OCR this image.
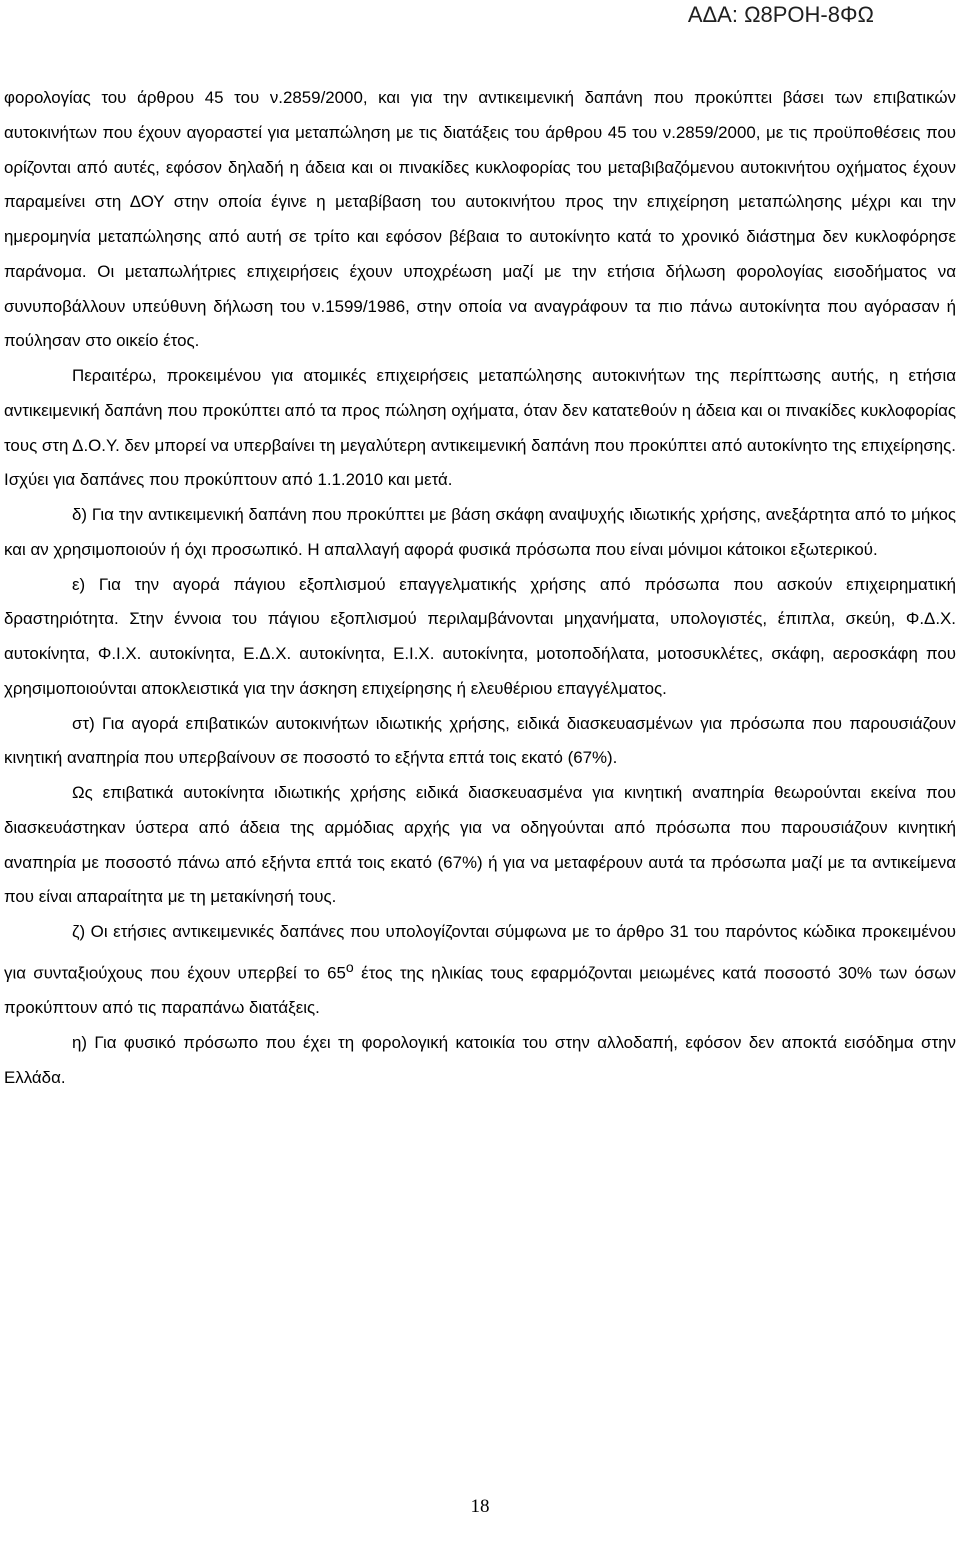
ΑΔΑ: Ω8ΡΟΗ-8ΦΩ

φορολογίας του άρθρου 45 του ν.2859/2000, και για την αντικειμενική δαπάνη που προκύπτει βάσει των επιβατικών αυτοκινήτων που έχουν αγοραστεί για μεταπώληση με τις διατάξεις του άρθρου 45 του ν.2859/2000, με τις προϋποθέσεις που ορίζονται από αυτές, εφόσον δηλαδή η άδεια και οι πινακίδες κυκλοφορίας του μεταβιβαζόμενου αυτοκινήτου οχήματος έχουν παραμείνει στη ΔΟΥ στην οποία έγινε η μεταβίβαση του αυτοκινήτου προς την επιχείρηση μεταπώλησης μέχρι και την ημερομηνία μεταπώλησης από αυτή σε τρίτο και εφόσον βέβαια το αυτοκίνητο κατά το χρονικό διάστημα δεν κυκλοφόρησε παράνομα. Οι μεταπωλήτριες επιχειρήσεις έχουν υποχρέωση μαζί με την ετήσια δήλωση φορολογίας εισοδήματος να συνυποβάλλουν υπεύθυνη δήλωση του ν.1599/1986, στην οποία να αναγράφουν τα πιο πάνω αυτοκίνητα που αγόρασαν ή πούλησαν στο οικείο έτος.

Περαιτέρω, προκειμένου για ατομικές επιχειρήσεις μεταπώλησης αυτοκινήτων της περίπτωσης αυτής, η ετήσια αντικειμενική δαπάνη που προκύπτει από τα προς πώληση οχήματα, όταν δεν κατατεθούν η άδεια και οι πινακίδες κυκλοφορίας τους στη Δ.Ο.Υ. δεν μπορεί να υπερβαίνει τη μεγαλύτερη αντικειμενική δαπάνη που προκύπτει από αυτοκίνητο της επιχείρησης. Ισχύει για δαπάνες που προκύπτουν από 1.1.2010 και μετά.

δ) Για την αντικειμενική δαπάνη που προκύπτει με βάση σκάφη αναψυχής ιδιωτικής χρήσης, ανεξάρτητα από το μήκος και αν χρησιμοποιούν ή όχι προσωπικό. Η απαλλαγή αφορά φυσικά πρόσωπα που είναι μόνιμοι κάτοικοι εξωτερικού.

ε) Για την αγορά πάγιου εξοπλισμού επαγγελματικής χρήσης από πρόσωπα που ασκούν επιχειρηματική δραστηριότητα. Στην έννοια του πάγιου εξοπλισμού περιλαμβάνονται μηχανήματα, υπολογιστές, έπιπλα, σκεύη, Φ.Δ.Χ. αυτοκίνητα, Φ.Ι.Χ. αυτοκίνητα, Ε.Δ.Χ. αυτοκίνητα, Ε.Ι.Χ. αυτοκίνητα, μοτοποδήλατα, μοτοσυκλέτες, σκάφη, αεροσκάφη που χρησιμοποιούνται αποκλειστικά για την άσκηση επιχείρησης ή ελευθέριου επαγγέλματος.

στ) Για αγορά επιβατικών αυτοκινήτων ιδιωτικής χρήσης, ειδικά διασκευασμένων για πρόσωπα που παρουσιάζουν κινητική αναπηρία που υπερβαίνουν σε ποσοστό το εξήντα επτά τοις εκατό (67%).

Ως επιβατικά αυτοκίνητα ιδιωτικής χρήσης ειδικά διασκευασμένα για κινητική αναπηρία θεωρούνται εκείνα που διασκευάστηκαν ύστερα από άδεια της αρμόδιας αρχής για να οδηγούνται από πρόσωπα που παρουσιάζουν κινητική αναπηρία με ποσοστό πάνω από εξήντα επτά τοις εκατό (67%) ή για να μεταφέρουν αυτά τα πρόσωπα μαζί με τα αντικείμενα που είναι απαραίτητα με τη μετακίνησή τους.

ζ) Οι ετήσιες αντικειμενικές δαπάνες που υπολογίζονται σύμφωνα με το άρθρο 31 του παρόντος κώδικα προκειμένου για συνταξιούχους που έχουν υπερβεί το $65^o$ έτος της ηλικίας τους εφαρμόζονται μειωμένες κατά ποσοστό 30% των όσων προκύπτουν από τις παραπάνω διατάξεις.

η) Για φυσικό πρόσωπο που έχει τη φορολογική κατοικία του στην αλλοδαπή, εφόσον δεν αποκτά εισόδημα στην Ελλάδα.

18
